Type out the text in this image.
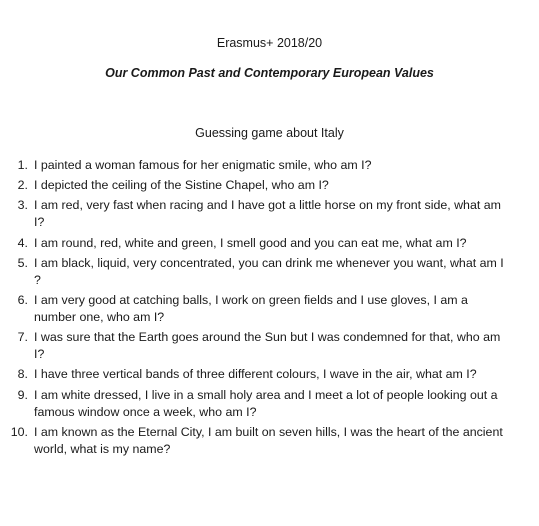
Erasmus+ 2018/20
Our Common Past and Contemporary European Values
Guessing game about Italy
1. I painted a woman famous for her enigmatic smile, who am I?
2. I depicted the ceiling of the Sistine Chapel, who am I?
3. I am red, very fast when racing and I have got a little horse on my front side, what am I?
4. I am round, red, white and green, I smell good and you can eat me, what am I?
5. I am black, liquid, very concentrated, you can drink me whenever you want, what am I ?
6. I am very good at catching balls, I work on green fields and I use gloves, I am a number one, who am I?
7. I was sure that the Earth goes around the Sun but I was condemned for that, who am I?
8. I have three vertical bands of three different colours, I wave in the air, what am I?
9. I am white dressed, I live in a small holy area and I meet a lot of people looking out a famous window once a week, who am I?
10. I am known as the Eternal City, I am built on seven hills, I was the heart of the ancient world, what is my name?
